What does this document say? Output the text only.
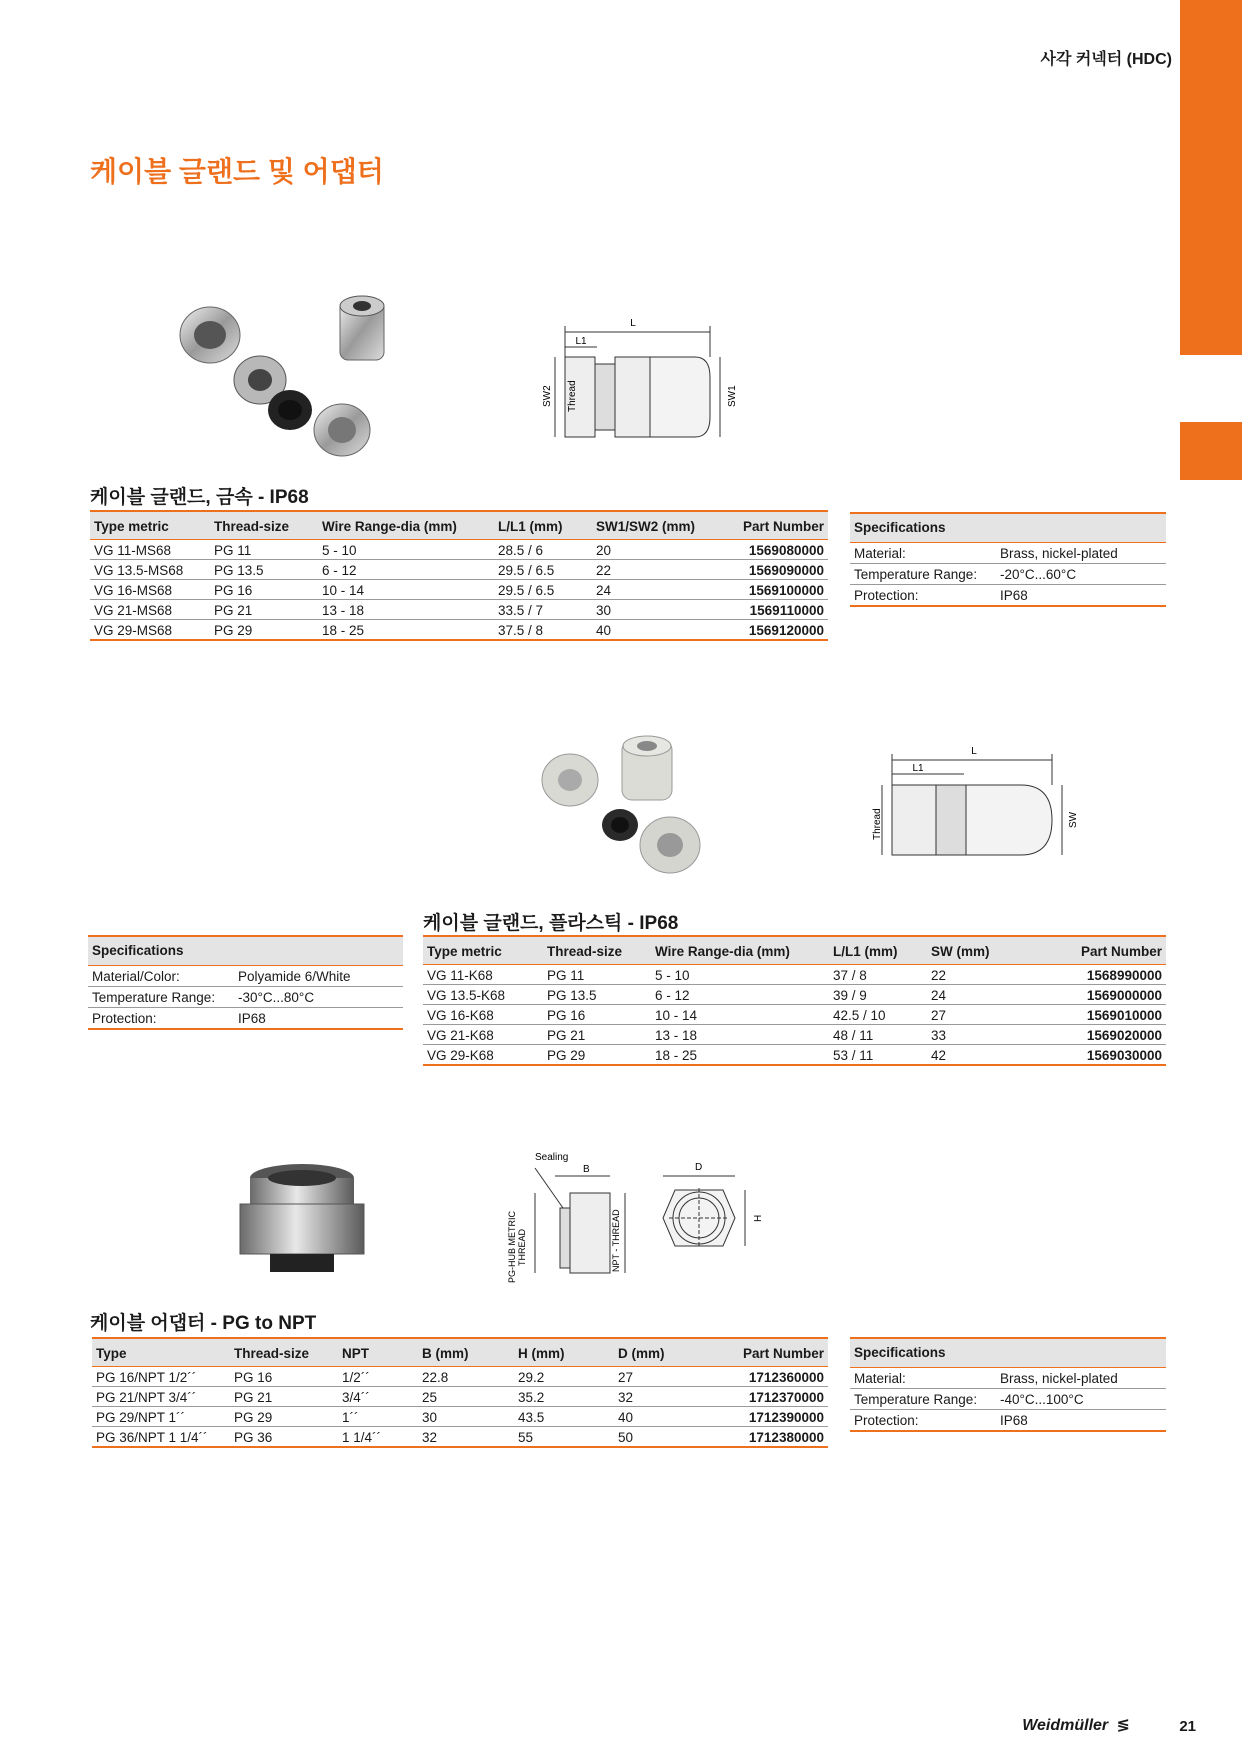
사각 커넥터 (HDC)
케이블 글랜드 및 어댑터
L
L1
SW2 Thread	SW1
케이블 글랜드, 금속 - IP68
Type metric	Thread-size	Wire Range-dia (mm)	L/L1 (mm)	SW1/SW2 (mm)	Part Number
VG 11-MS68	PG 11	5 - 10	28.5 / 6	20	1569080000
VG 13.5-MS68	PG 13.5	6 - 12	29.5 / 6.5	22	1569090000
VG 16-MS68	PG 16	10 - 14	29.5 / 6.5	24	1569100000
VG 21-MS68	PG 21	13 - 18	33.5 / 7	30	1569110000
VG 29-MS68	PG 29	18 - 25	37.5 / 8	40	1569120000
Specifications
Material:	Brass, nickel-plated
Temperature Range:	-20°C...60°C
Protection:	IP68
L
L1
Thread	SW
케이블 글랜드, 플라스틱 - IP68
Specifications
Material/Color:	Polyamide 6/White
Temperature Range:	-30°C...80°C
Protection:	IP68
Type metric	Thread-size	Wire Range-dia (mm)	L/L1 (mm)	SW (mm)	Part Number
VG 11-K68	PG 11	5 - 10	37 / 8	22	1568990000
VG 13.5-K68	PG 13.5	6 - 12	39 / 9	24	1569000000
VG 16-K68	PG 16	10 - 14	42.5 / 10	27	1569010000
VG 21-K68	PG 21	13 - 18	48 / 11	33	1569020000
VG 29-K68	PG 29	18 - 25	53 / 11	42	1569030000
Sealing
B	D
H
PG-HUB METRIC THREAD	NPT - THREAD
케이블 어댑터 - PG to NPT
Type	Thread-size	NPT	B (mm)	H (mm)	D (mm)	Part Number
PG 16/NPT 1/2´´	PG 16	1/2´´	22.8	29.2	27	1712360000
PG 21/NPT 3/4´´	PG 21	3/4´´	25	35.2	32	1712370000
PG 29/NPT 1´´	PG 29	1´´	30	43.5	40	1712390000
PG 36/NPT 1 1/4´´	PG 36	1 1/4´´	32	55	50	1712380000
Specifications
Material:	Brass, nickel-plated
Temperature Range:	-40°C...100°C
Protection:	IP68
Weidmüller ≶	21
